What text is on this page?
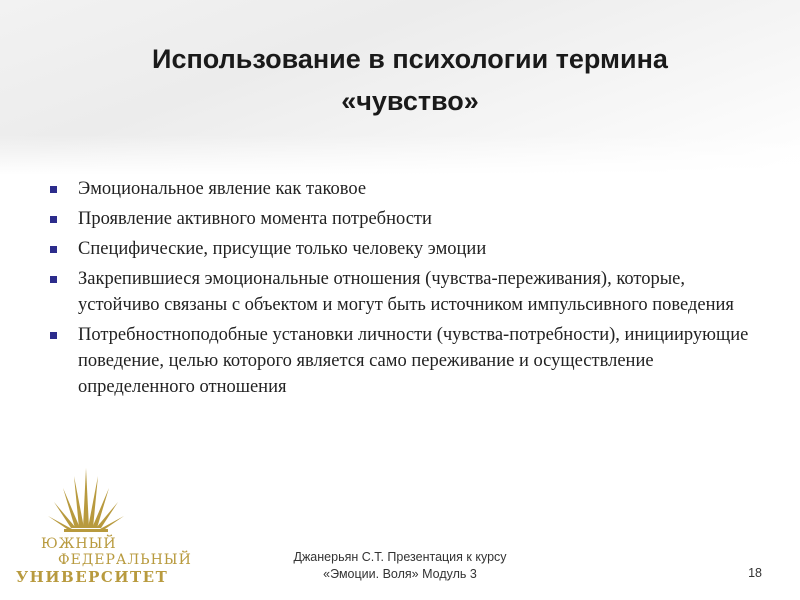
Использование в психологии термина
«чувство»
Эмоциональное явление как таковое
Проявление активного момента потребности
Специфические, присущие только человеку эмоции
Закрепившиеся эмоциональные отношения (чувства-переживания), которые, устойчиво связаны с объектом и могут быть источником импульсивного поведения
Потребностноподобные установки личности (чувства-потребности), инициирующие поведение, целью которого является само переживание и осуществление определенного отношения
ЮЖНЫЙ
ФЕДЕРАЛЬНЫЙ
УНИВЕРСИТЕТ
Джанерьян С.Т. Презентация к курсу
«Эмоции. Воля» Модуль 3	18
